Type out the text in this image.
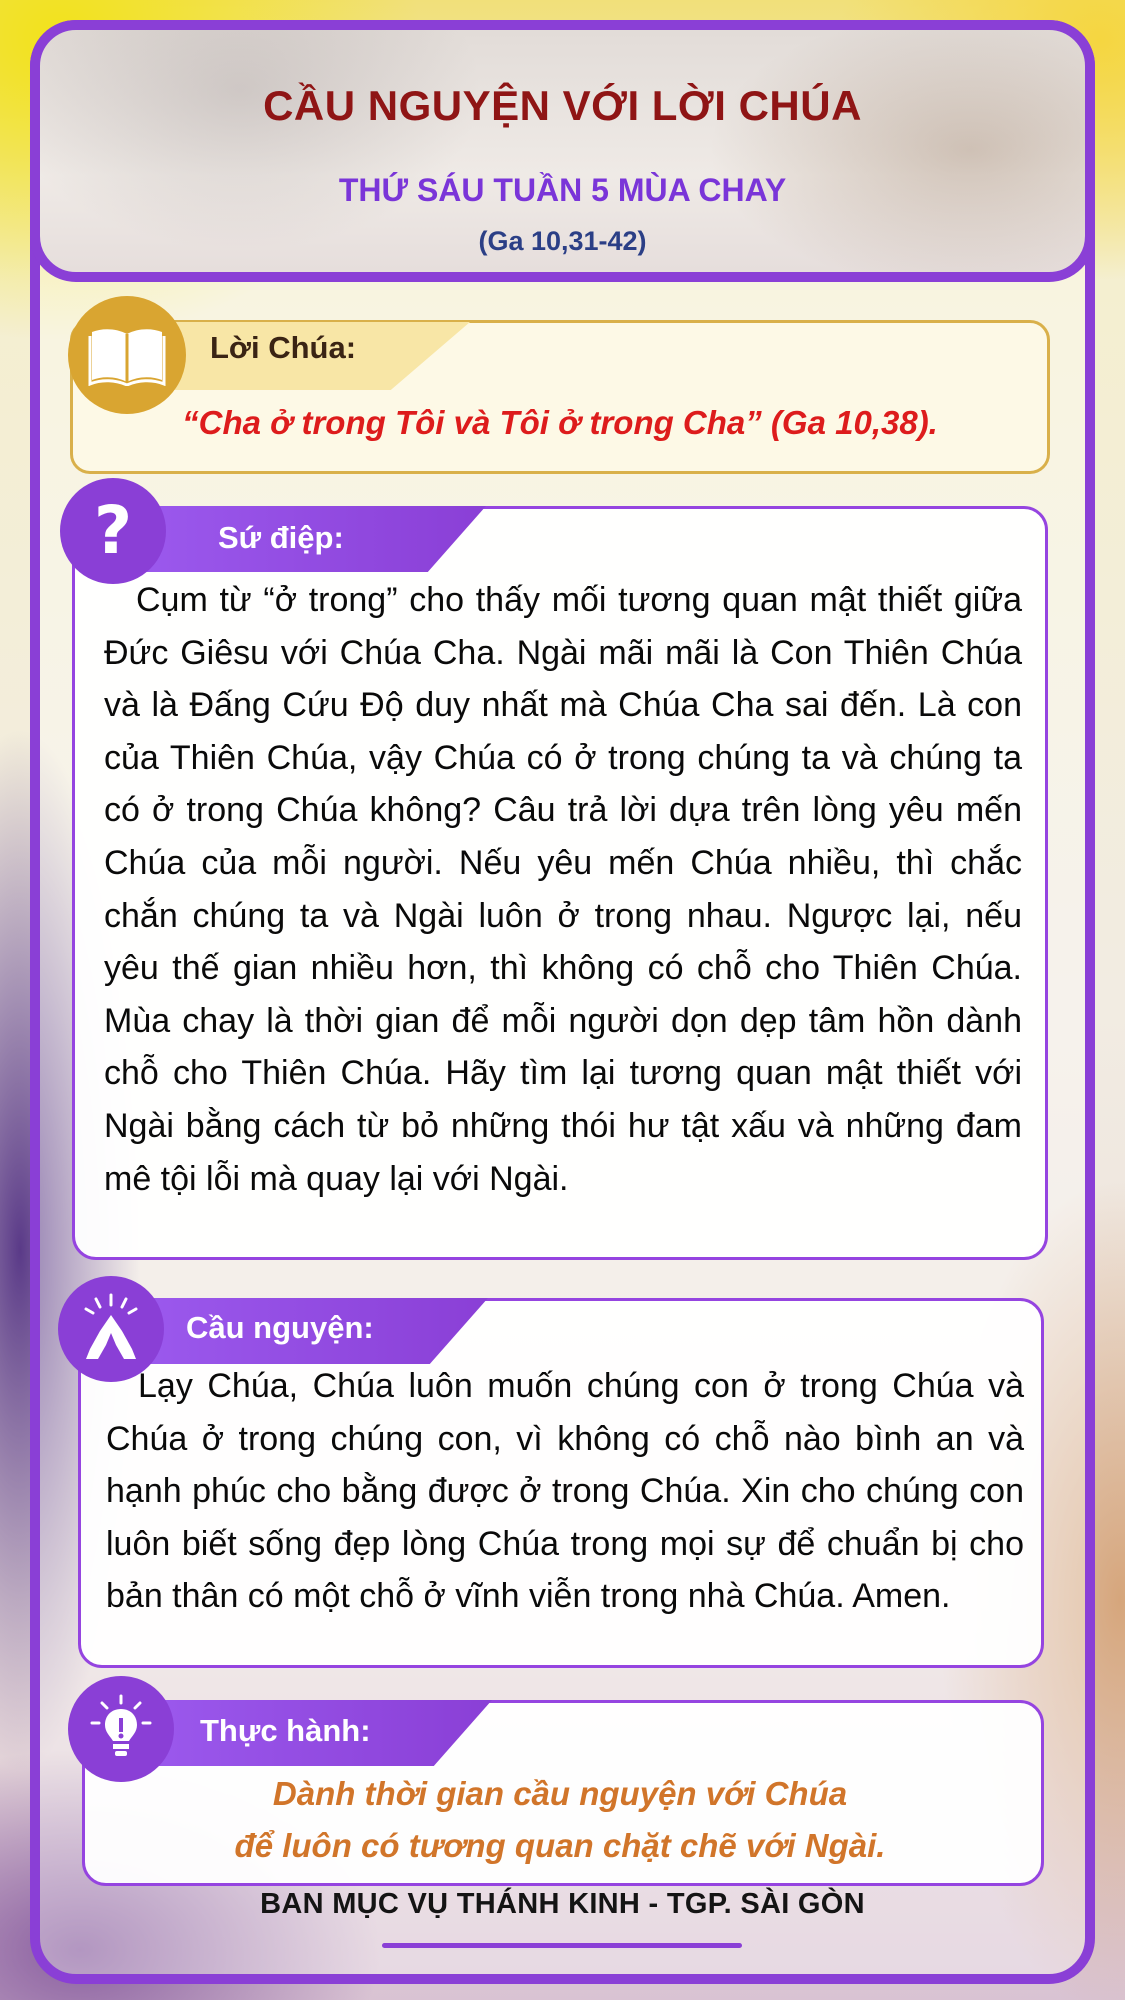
CẦU NGUYỆN VỚI LỜI CHÚA
THỨ SÁU TUẦN 5 MÙA CHAY
(Ga 10,31-42)
Lời Chúa:
“Cha ở trong Tôi và Tôi ở trong Cha” (Ga 10,38).
?	Sứ điệp:

Cụm từ “ở trong” cho thấy mối tương quan mật thiết giữa Đức Giêsu với Chúa Cha. Ngài mãi mãi là Con Thiên Chúa và là Đấng Cứu Độ duy nhất mà Chúa Cha sai đến. Là con của Thiên Chúa, vậy Chúa có ở trong chúng ta và chúng ta có ở trong Chúa không? Câu trả lời dựa trên lòng yêu mến Chúa của mỗi người. Nếu yêu mến Chúa nhiều, thì chắc chắn chúng ta và Ngài luôn ở trong nhau. Ngược lại, nếu yêu thế gian nhiều hơn, thì không có chỗ cho Thiên Chúa. Mùa chay là thời gian để mỗi người dọn dẹp tâm hồn dành chỗ cho Thiên Chúa. Hãy tìm lại tương quan mật thiết với Ngài bằng cách từ bỏ những thói hư tật xấu và những đam mê tội lỗi mà quay lại với Ngài.

Cầu nguyện:

Lạy Chúa, Chúa luôn muốn chúng con ở trong Chúa và Chúa ở trong chúng con, vì không có chỗ nào bình an và hạnh phúc cho bằng được ở trong Chúa. Xin cho chúng con luôn biết sống đẹp lòng Chúa trong mọi sự để chuẩn bị cho bản thân có một chỗ ở vĩnh viễn trong nhà Chúa. Amen.

Thực hành:
Dành thời gian cầu nguyện với Chúa
để luôn có tương quan chặt chẽ với Ngài.
BAN MỤC VỤ THÁNH KINH - TGP. SÀI GÒN
